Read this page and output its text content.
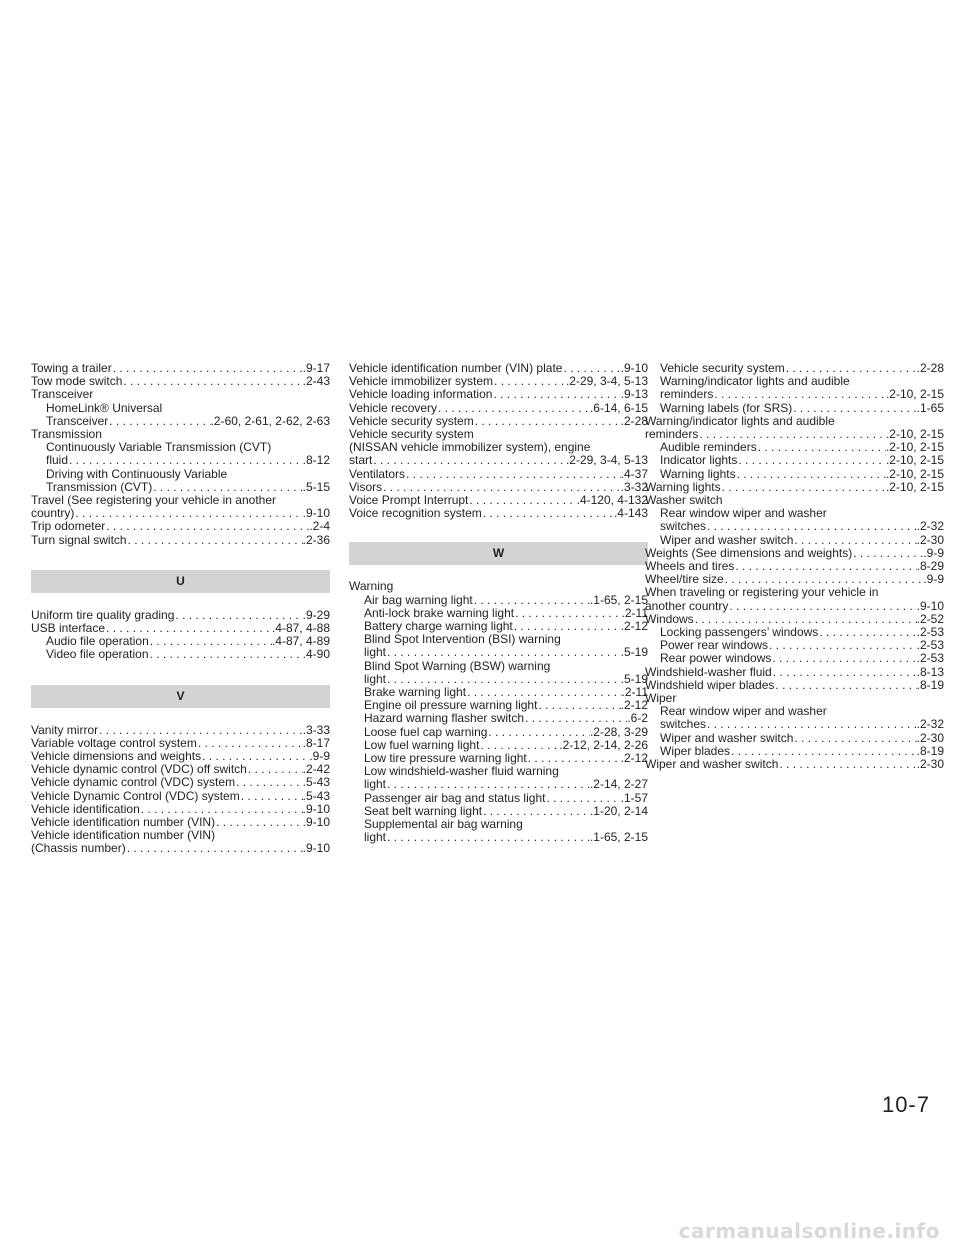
Towing a trailer . . .	.9-17
Tow mode switch . . .	.2-43
Transceiver
HomeLink® Universal
Transceiver . . .	.2-60, 2-61, 2-62, 2-63
Transmission
Continuously Variable Transmission (CVT)
fluid . . .	.8-12
Driving with Continuously Variable
Transmission (CVT) . . .	.5-15
Travel (See registering your vehicle in another
country) . . .	.9-10
Trip odometer . . .	.2-4
Turn signal switch . . .	.2-36
U
Uniform tire quality grading . . .	.9-29
USB interface . . .	.4-87, 4-88
Audio file operation . . .	.4-87, 4-89
Video file operation . . .	.4-90
V
Vanity mirror . . .	.3-33
Variable voltage control system . . .	.8-17
Vehicle dimensions and weights . . .	.9-9
Vehicle dynamic control (VDC) off switch . . .	.2-42
Vehicle dynamic control (VDC) system . . .	.5-43
Vehicle Dynamic Control (VDC) system . . .	.5-43
Vehicle identification . . .	.9-10
Vehicle identification number (VIN) . . .	.9-10
Vehicle identification number (VIN)
(Chassis number) . . .	.9-10
Vehicle identification number (VIN) plate . . .	.9-10
Vehicle immobilizer system . . .	.2-29, 3-4, 5-13
Vehicle loading information . . .	.9-13
Vehicle recovery . . .	.6-14, 6-15
Vehicle security system . . .	.2-28
Vehicle security system
(NISSAN vehicle immobilizer system), engine
start . . .	.2-29, 3-4, 5-13
Ventilators . . .	.4-37
Visors . . .	.3-32
Voice Prompt Interrupt . . .	.4-120, 4-132
Voice recognition system . . .	.4-143
W
Warning
Air bag warning light . . .	.1-65, 2-15
Anti-lock brake warning light . . .	.2-11
Battery charge warning light . . .	.2-12
Blind Spot Intervention (BSI) warning
light . . .	.5-19
Blind Spot Warning (BSW) warning
light . . .	.5-19
Brake warning light . . .	.2-11
Engine oil pressure warning light . . .	.2-12
Hazard warning flasher switch . . .	.6-2
Loose fuel cap warning . . .	.2-28, 3-29
Low fuel warning light . . .	.2-12, 2-14, 2-26
Low tire pressure warning light . . .	.2-12
Low windshield-washer fluid warning
light . . .	.2-14, 2-27
Passenger air bag and status light . . .	.1-57
Seat belt warning light . . .	.1-20, 2-14
Supplemental air bag warning
light . . .	.1-65, 2-15
Vehicle security system . . .	.2-28
Warning/indicator lights and audible
reminders . . .	.2-10, 2-15
Warning labels (for SRS) . . .	.1-65
Warning/indicator lights and audible
reminders . . .	.2-10, 2-15
Audible reminders . . .	.2-10, 2-15
Indicator lights . . .	.2-10, 2-15
Warning lights . . .	.2-10, 2-15
Warning lights . . .	.2-10, 2-15
Washer switch
Rear window wiper and washer
switches . . .	.2-32
Wiper and washer switch . . .	.2-30
Weights (See dimensions and weights) . . .	.9-9
Wheels and tires . . .	.8-29
Wheel/tire size . . .	.9-9
When traveling or registering your vehicle in
another country . . .	.9-10
Windows . . .	.2-52
Locking passengers’ windows . . .	.2-53
Power rear windows . . .	.2-53
Rear power windows . . .	.2-53
Windshield-washer fluid . . .	.8-13
Windshield wiper blades . . .	.8-19
Wiper
Rear window wiper and washer
switches . . .	.2-32
Wiper and washer switch . . .	.2-30
Wiper blades . . .	.8-19
Wiper and washer switch . . .	.2-30
10-7
carmanualsonline.info
